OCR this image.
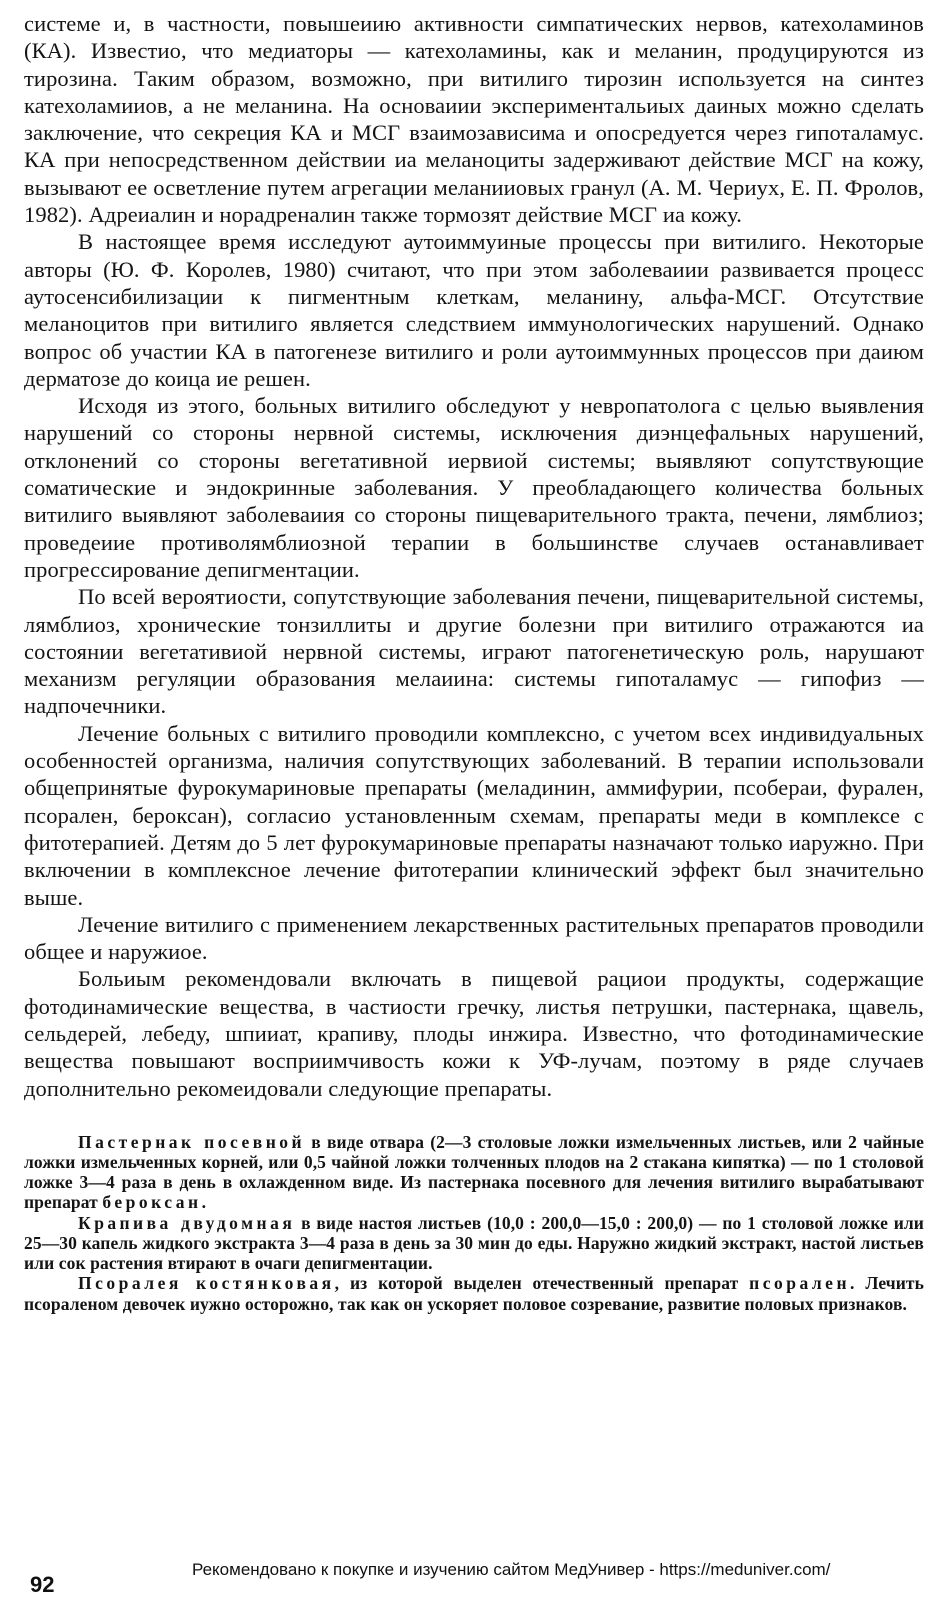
системе и, в частности, повышеиию активности симпатических нервов, катехоламинов (КА). Известио, что медиаторы — катехоламины, как и меланин, продуцируются из тирозина. Таким образом, возможно, при витилиго тирозин используется на синтез катехоламииов, а не меланина. На основаиии экспериментальиых даиных можно сделать заключение, что секреция КА и МСГ взаимозависима и опосредуется через гипоталамус. КА при непосредственном действии иа меланоциты задерживают действие МСГ на кожу, вызывают ее осветление путем агрегации меланииовых гранул (А. М. Чериух, Е. П. Фролов, 1982). Адреиалин и норадреналин также тормозят действие МСГ иа кожу.

В настоящее время исследуют аутоиммуиные процессы при витилиго. Некоторые авторы (Ю. Ф. Королев, 1980) считают, что при этом заболеваиии развивается процесс аутосенсибилизации к пигментным клеткам, меланину, альфа-МСГ. Отсутствие меланоцитов при витилиго является следствием иммунологических нарушений. Однако вопрос об участии КА в патогенезе витилиго и роли аутоиммунных процессов при даиюм дерматозе до коица ие решен.

Исходя из этого, больных витилиго обследуют у невропатолога с целью выявления нарушений со стороны нервной системы, исключения диэнцефальных нарушений, отклонений со стороны вегетативной иервиой системы; выявляют сопутствующие соматические и эндокринные заболевания. У преобладающего количества больных витилиго выявляют заболеваиия со стороны пищеварительного тракта, печени, лямблиоз; проведеиие противолямблиозной терапии в большинстве случаев останавливает прогрессирование депигментации.

По всей вероятиости, сопутствующие заболевания печени, пищеварительной системы, лямблиоз, хронические тонзиллиты и другие болезни при витилиго отражаются иа состоянии вегетативиой нервной системы, играют патогенетическую роль, нарушают механизм регуляции образования мелаиина: системы гипоталамус — гипофиз — надпочечники.

Лечение больных с витилиго проводили комплексно, с учетом всех индивидуальных особенностей организма, наличия сопутствующих заболеваний. В терапии использовали общепринятые фурокумариновые препараты (меладинин, аммифурии, псобераи, фурален, псорален, бероксан), согласио установленным схемам, препараты меди в комплексе с фитотерапией. Детям до 5 лет фурокумариновые препараты назначают только иаружно. При включении в комплексное лечение фитотерапии клинический эффект был значительно выше.

Лечение витилиго с применением лекарственных растительных препаратов проводили общее и наружиое.

Больиым рекомендовали включать в пищевой рациои продукты, содержащие фотодинамические вещества, в частиости гречку, листья петрушки, пастернака, щавель, сельдерей, лебеду, шпииат, крапиву, плоды инжира. Известно, что фотодинамические вещества повышают восприимчивость кожи к УФ-лучам, поэтому в ряде случаев дополнительно рекомеидовали следующие препараты.

Пастернак посевной в виде отвара (2—3 столовые ложки измельченных листьев, или 2 чайные ложки измельченных корней, или 0,5 чайной ложки толченных плодов на 2 стакана кипятка) — по 1 столовой ложке 3—4 раза в день в охлажденном виде. Из пастернака посевного для лечения витилиго вырабатывают препарат бероксан.

Крапива двудомная в виде настоя листьев (10,0 : 200,0—15,0 : 200,0) — по 1 столовой ложке или 25—30 капель жидкого экстракта 3—4 раза в день за 30 мин до еды. Наружно жидкий экстракт, настой листьев или сок растения втирают в очаги депигментации.

Псоралея костянковая, из которой выделен отечественный препарат псорален. Лечить псораленом девочек иужно осторожно, так как он ускоряет половое созревание, развитие половых признаков.

Рекомендовано к покупке и изучению сайтом МедУнивер - https://meduniver.com/
92
